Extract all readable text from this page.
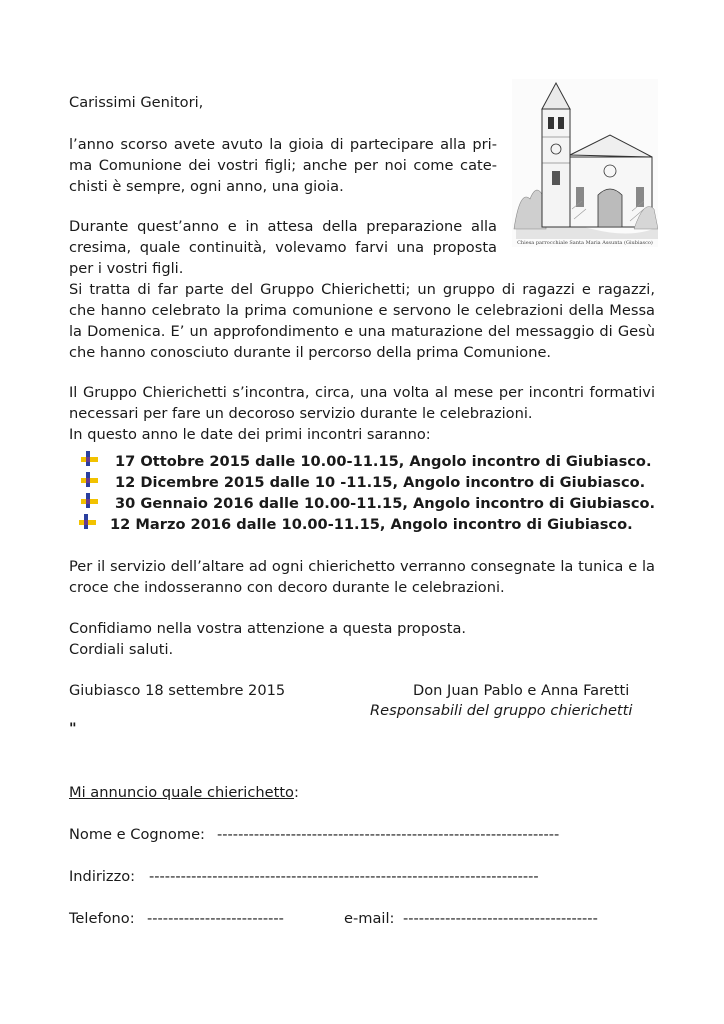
Chiesa parrocchiale Santa Maria Assunta (Giubiasco)
Carissimi Genitori,
l’anno scorso avete avuto la gioia di partecipare alla pri-
ma Comunione dei vostri figli; anche per noi come cate-
chisti è sempre, ogni anno, una gioia.
Durante quest’anno e in attesa della preparazione alla
cresima, quale continuità, volevamo farvi una proposta
per i vostri figli.
Si tratta di far parte del Gruppo Chierichetti; un gruppo di ragazzi e ragazzi,
che hanno celebrato la prima comunione e servono le celebrazioni della Messa
la Domenica. E’ un approfondimento e una maturazione del messaggio di Gesù
che hanno conosciuto durante il percorso della prima Comunione.
Il Gruppo Chierichetti s’incontra, circa, una volta al mese per incontri formativi
necessari per fare un decoroso servizio durante le celebrazioni.
In questo anno le date dei primi incontri saranno:
17 Ottobre 2015 dalle 10.00-11.15, Angolo incontro di Giubiasco.
12 Dicembre 2015 dalle 10 -11.15, Angolo incontro di Giubiasco.
30 Gennaio 2016 dalle 10.00-11.15, Angolo incontro di Giubiasco.
12 Marzo 2016 dalle 10.00-11.15, Angolo incontro di Giubiasco.
Per il servizio dell’altare ad ogni chierichetto verranno consegnate la tunica e la
croce che indosseranno con decoro durante le celebrazioni.
Confidiamo nella vostra attenzione a questa proposta.
Cordiali saluti.
Giubiasco 18 settembre 2015	Don Juan Pablo e Anna Faretti
Responsabili del gruppo chierichetti
"
Mi annuncio quale chierichetto:
Nome e Cognome: -----------------------------------------------------------------
Indirizzo: --------------------------------------------------------------------------
Telefono: --------------------------	e-mail: -------------------------------------
